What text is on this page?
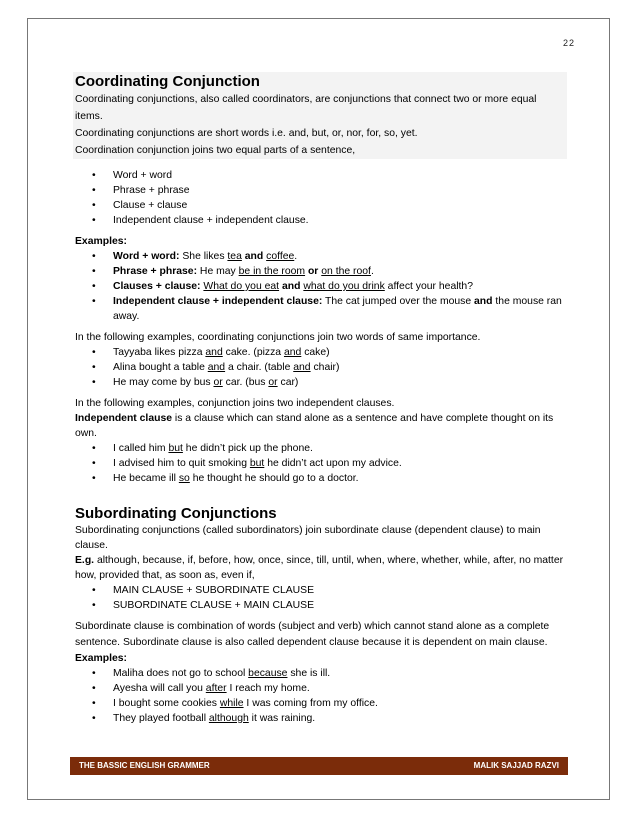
22
Coordinating Conjunction

Coordinating conjunctions, also called coordinators, are conjunctions that connect two or more equal items.

Coordinating conjunctions are short words i.e. and, but, or, nor, for, so, yet.

Coordination conjunction joins two equal parts of a sentence,

• Word + word
• Phrase + phrase
• Clause + clause
• Independent clause + independent clause.

Examples:

• Word + word: She likes tea and coffee.
• Phrase + phrase: He may be in the room or on the roof.
• Clauses + clause: What do you eat and what do you drink affect your health?
• Independent clause + independent clause: The cat jumped over the mouse and the mouse ran away.

In the following examples, coordinating conjunctions join two words of same importance.

• Tayyaba likes pizza and cake. (pizza and cake)
• Alina bought a table and a chair. (table and chair)
• He may come by bus or car. (bus or car)

In the following examples, conjunction joins two independent clauses.

Independent clause is a clause which can stand alone as a sentence and have complete thought on its own.

• I called him but he didn’t pick up the phone.
• I advised him to quit smoking but he didn’t act upon my advice.
• He became ill so he thought he should go to a doctor.
Subordinating Conjunctions

Subordinating conjunctions (called subordinators) join subordinate clause (dependent clause) to main clause.

E.g. although, because, if, before, how, once, since, till, until, when, where, whether, while, after, no matter how, provided that, as soon as, even if,

• MAIN CLAUSE + SUBORDINATE CLAUSE
• SUBORDINATE CLAUSE + MAIN CLAUSE

Subordinate clause is combination of words (subject and verb) which cannot stand alone as a complete sentence. Subordinate clause is also called dependent clause because it is dependent on main clause.

Examples:

• Maliha does not go to school because she is ill.
• Ayesha will call you after I reach my home.
• I bought some cookies while I was coming from my office.
• They played football although it was raining.
THE BASSIC ENGLISH GRAMMER	MALIK SAJJAD RAZVI
